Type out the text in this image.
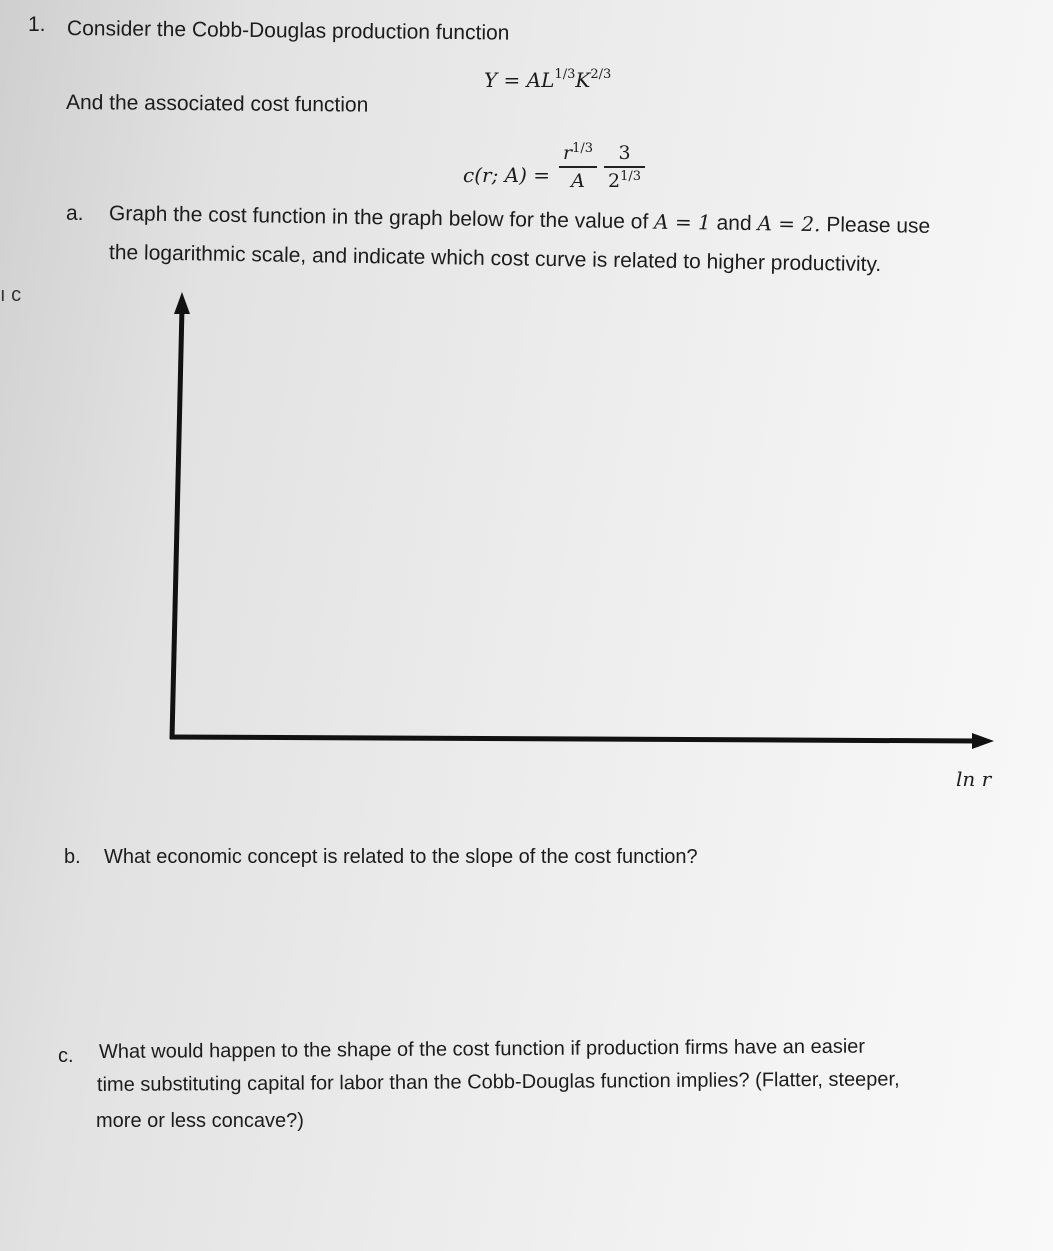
ı c
1. Consider the Cobb-Douglas production function
$Y = AL^{1/3}K^{2/3}$
And the associated cost function
c(r; A) =
$r^{1/3}$
A
3
$2^{1/3}$
a. Graph the cost function in the graph below for the value of A = 1 and A = 2. Please use
the logarithmic scale, and indicate which cost curve is related to higher productivity.
ln r
b. What economic concept is related to the slope of the cost function?
c. What would happen to the shape of the cost function if production firms have an easier
time substituting capital for labor than the Cobb-Douglas function implies? (Flatter, steeper,
more or less concave?)
